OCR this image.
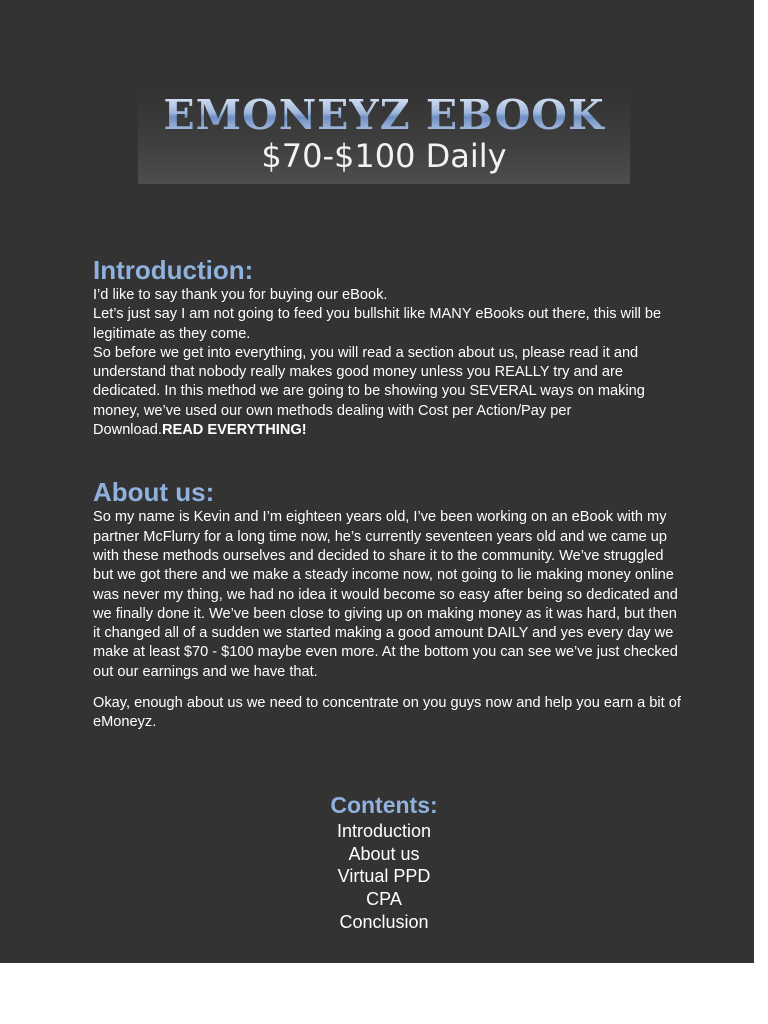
EMONEYZ EBOOK
$70-$100 Daily
Introduction:

I’d like to say thank you for buying our eBook.

Let’s just say I am not going to feed you bullshit like MANY eBooks out there, this will be legitimate as they come.

So before we get into everything, you will read a section about us, please read it and understand that nobody really makes good money unless you REALLY try and are dedicated. In this method we are going to be showing you SEVERAL ways on making money, we’ve used our own methods dealing with Cost per Action/Pay per Download.READ EVERYTHING!

About us:

So my name is Kevin and I’m eighteen years old, I’ve been working on an eBook with my partner McFlurry for a long time now, he’s currently seventeen years old and we came up with these methods ourselves and decided to share it to the community. We’ve struggled but we got there and we make a steady income now, not going to lie making money online was never my thing, we had no idea it would become so easy after being so dedicated and we finally done it. We’ve been close to giving up on making money as it was hard, but then it changed all of a sudden we started making a good amount DAILY and yes every day we make at least $70 - $100 maybe even more. At the bottom you can see we’ve just checked out our earnings and we have that.

Okay, enough about us we need to concentrate on you guys now and help you earn a bit of eMoneyz.

Contents:
Introduction
About us
Virtual PPD
CPA
Conclusion
